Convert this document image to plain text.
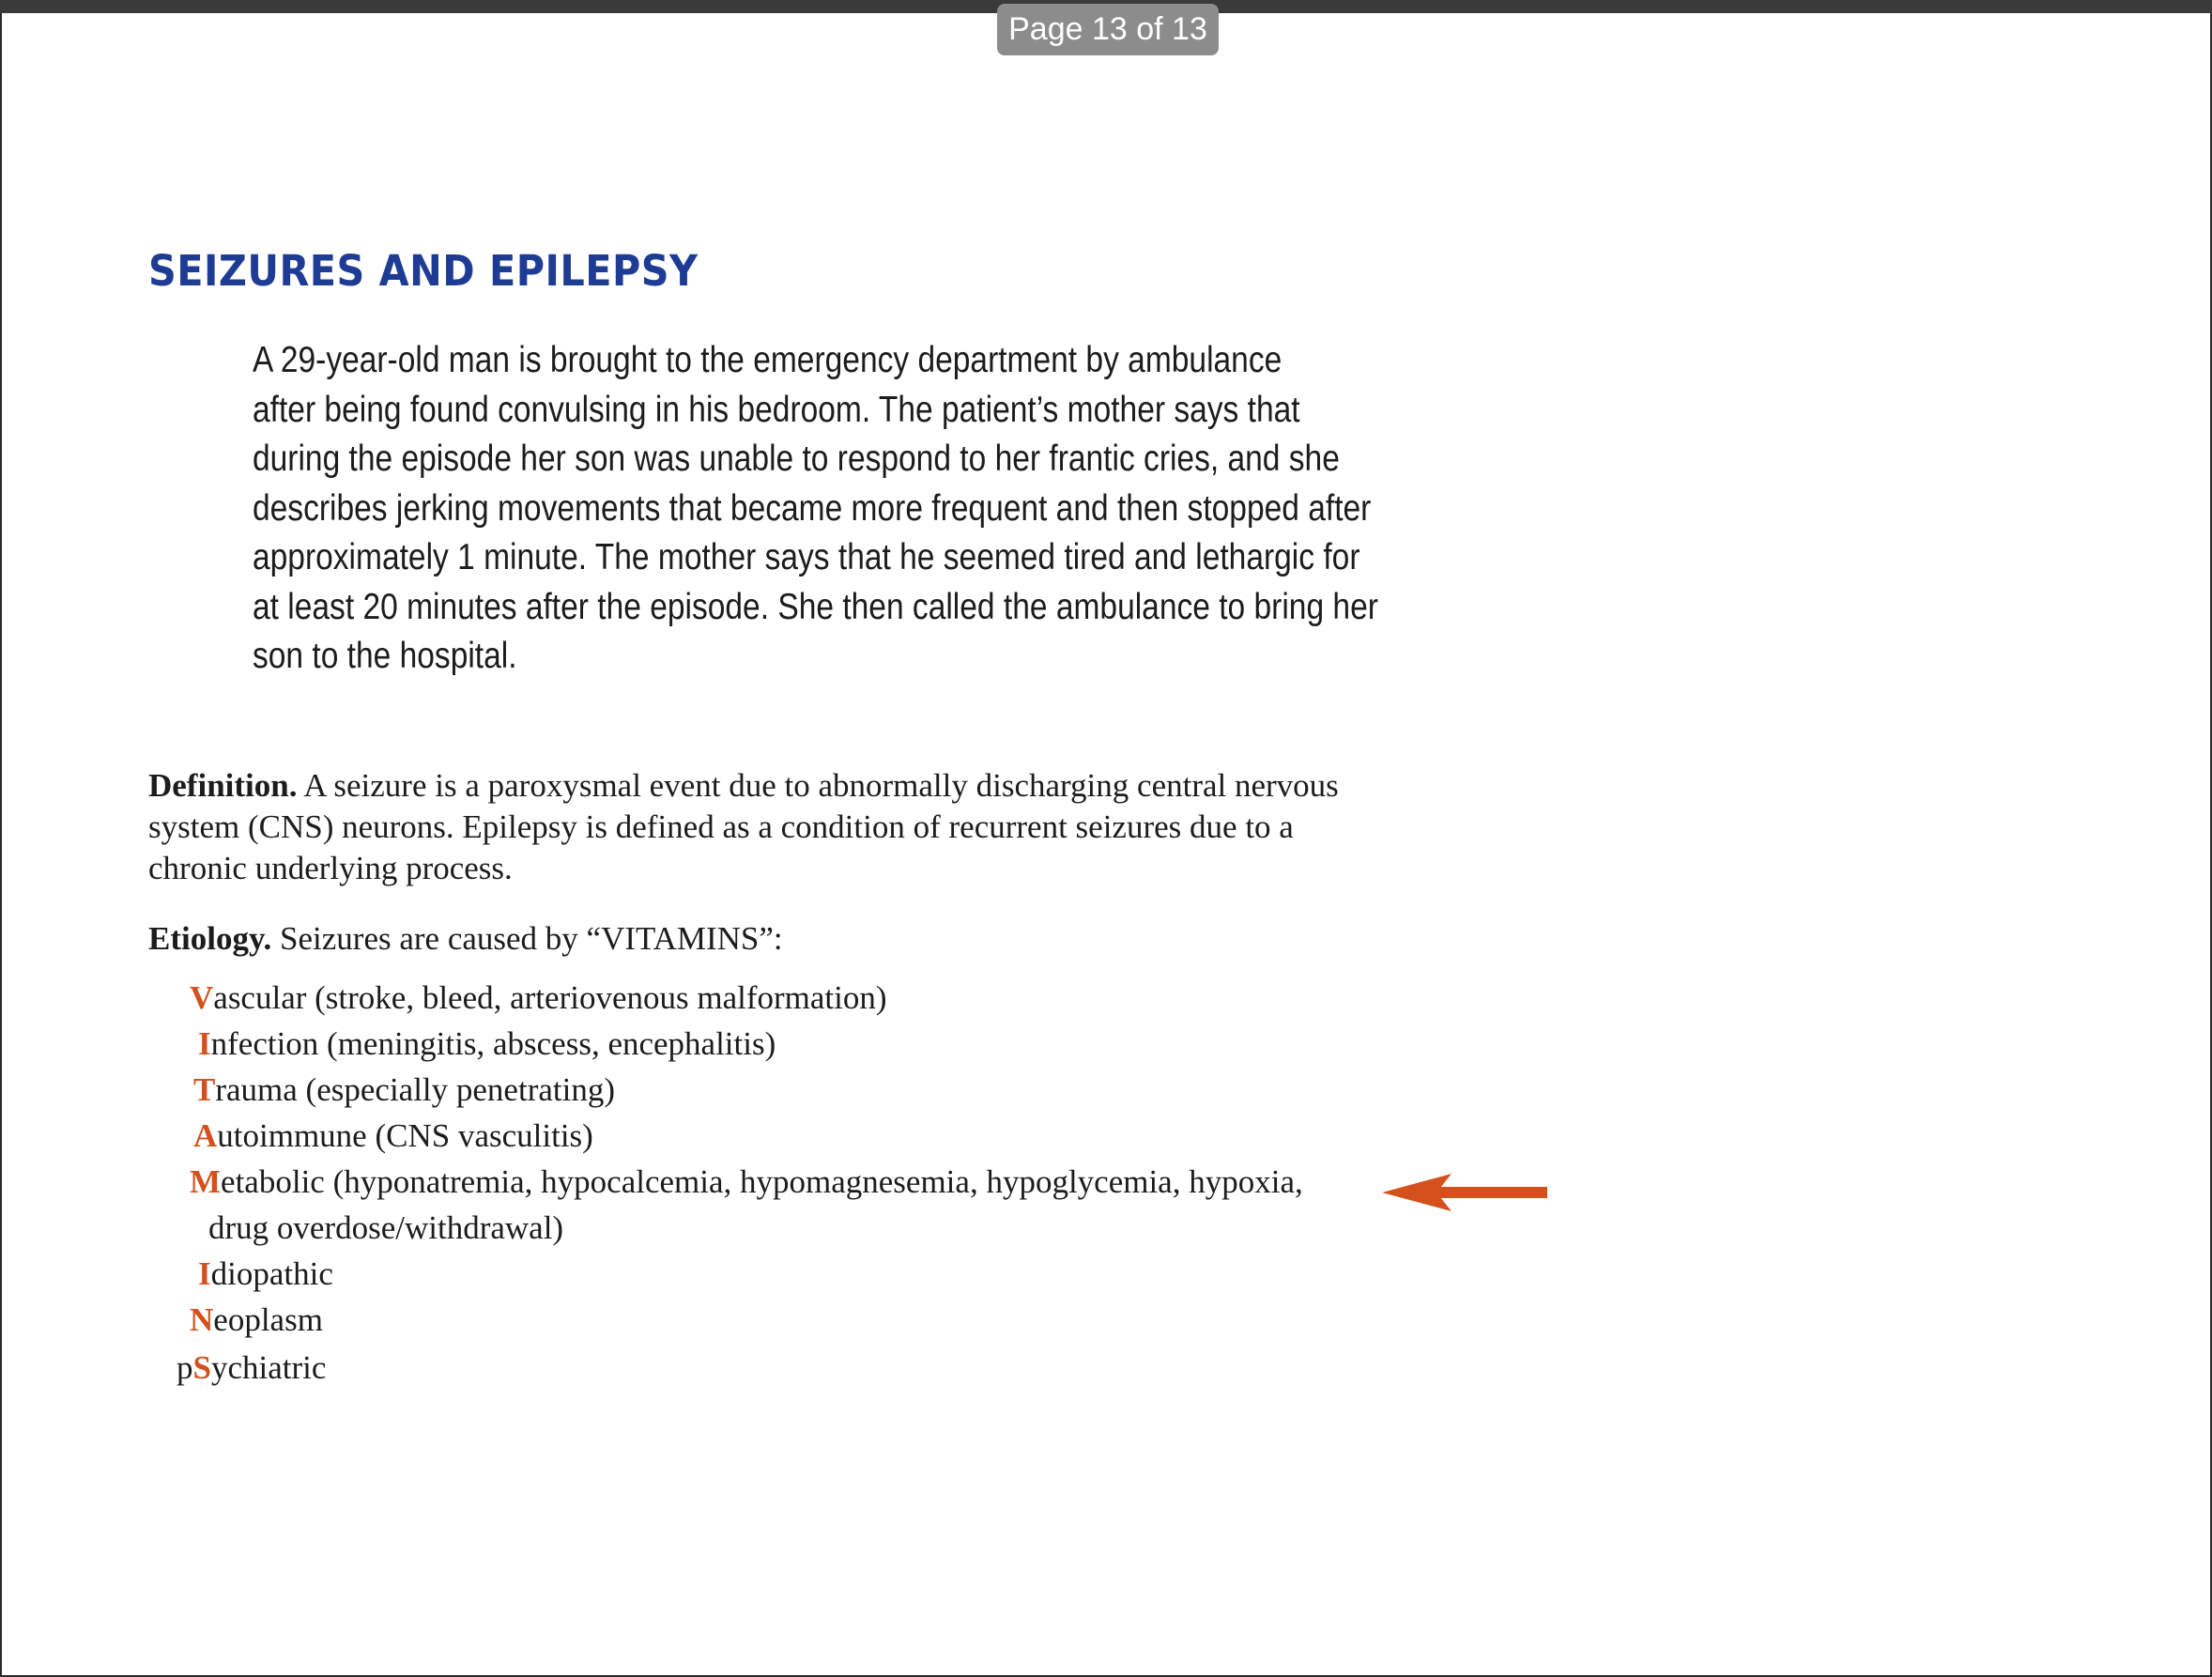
SEIZURES AND EPILEPSY
A 29-year-old man is brought to the emergency department by ambulance
after being found convulsing in his bedroom. The patient’s mother says that
during the episode her son was unable to respond to her frantic cries, and she
describes jerking movements that became more frequent and then stopped after
approximately 1 minute. The mother says that he seemed tired and lethargic for
at least 20 minutes after the episode. She then called the ambulance to bring her
son to the hospital.
Definition. A seizure is a paroxysmal event due to abnormally discharging central nervous
system (CNS) neurons. Epilepsy is defined as a condition of recurrent seizures due to a
chronic underlying process.
Etiology. Seizures are caused by “VITAMINS”:
Vascular (stroke, bleed, arteriovenous malformation)
Infection (meningitis, abscess, encephalitis)
Trauma (especially penetrating)
Autoimmune (CNS vasculitis)
Metabolic (hyponatremia, hypocalcemia, hypomagnesemia, hypoglycemia, hypoxia,
drug overdose/withdrawal)
Idiopathic
Neoplasm
pSychiatric
Page 13 of 13
